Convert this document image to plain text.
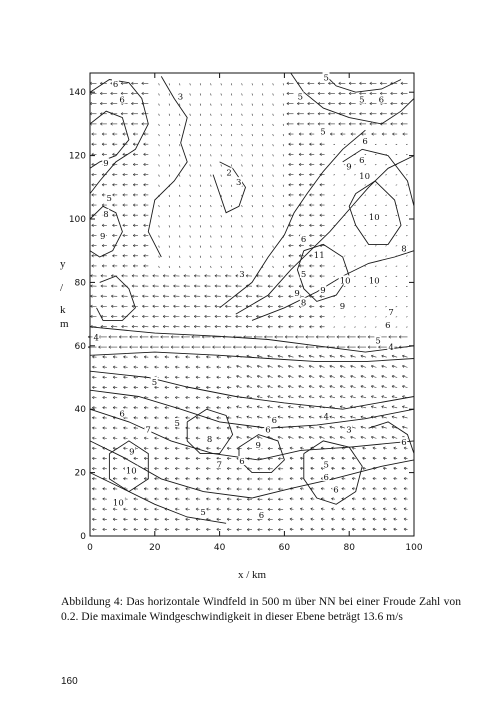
0	20	40	60	80	100
0
20
40
60
80
100
120
140
6
6	3	5
5
5 6
5
6
6
9
10
9
2
3
5
8
9
10
6
11
8
3	5
9
10 10
9
8	9
7
6
5
4
4
5
6
7
5
9
10
8
7 6
9
6
6	4
3
5
6
6
10
5	6
6
y
/
k
m
x / km
Abbildung 4: Das horizontale Windfeld in 500 m über NN bei einer Froude Zahl von 0.2. Die maximale Windgeschwindigkeit in dieser Ebene beträgt 13.6 m/s
160
